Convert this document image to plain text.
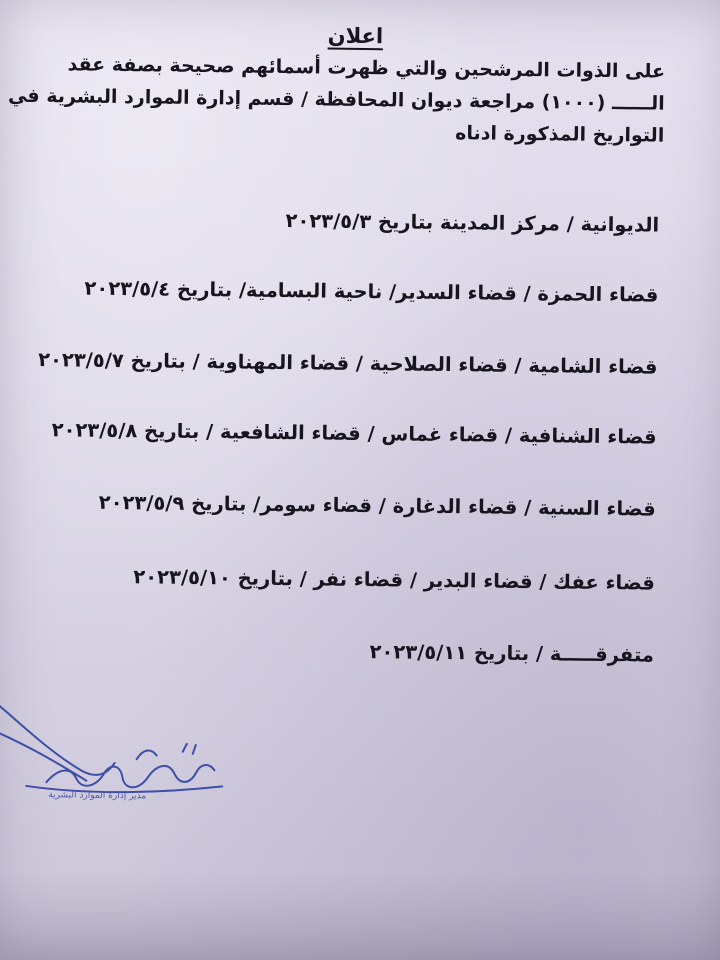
اعلان
على الذوات المرشحين والتي ظهرت أسمائهم صحيحة بصفة عقد
الــــــ (١٠٠٠) مراجعة ديوان المحافظة / قسم إدارة الموارد البشرية في
التواريخ المذكورة ادناه
الديوانية / مركز المدينة بتاريخ ٢٠٢٣/٥/٣
قضاء الحمزة / قضاء السدير/ ناحية البسامية/ بتاريخ ٢٠٢٣/٥/٤
قضاء الشامية / قضاء الصلاحية / قضاء المهناوية / بتاريخ ٢٠٢٣/٥/٧
قضاء الشنافية / قضاء غماس / قضاء الشافعية / بتاريخ ٢٠٢٣/٥/٨
قضاء السنية / قضاء الدغارة / قضاء سومر/ بتاريخ ٢٠٢٣/٥/٩
قضاء عفك / قضاء البدير / قضاء نفر / بتاريخ ٢٠٢٣/٥/١٠
متفرقـــــة / بتاريخ ٢٠٢٣/٥/١١
مدير إدارة الموارد البشرية
